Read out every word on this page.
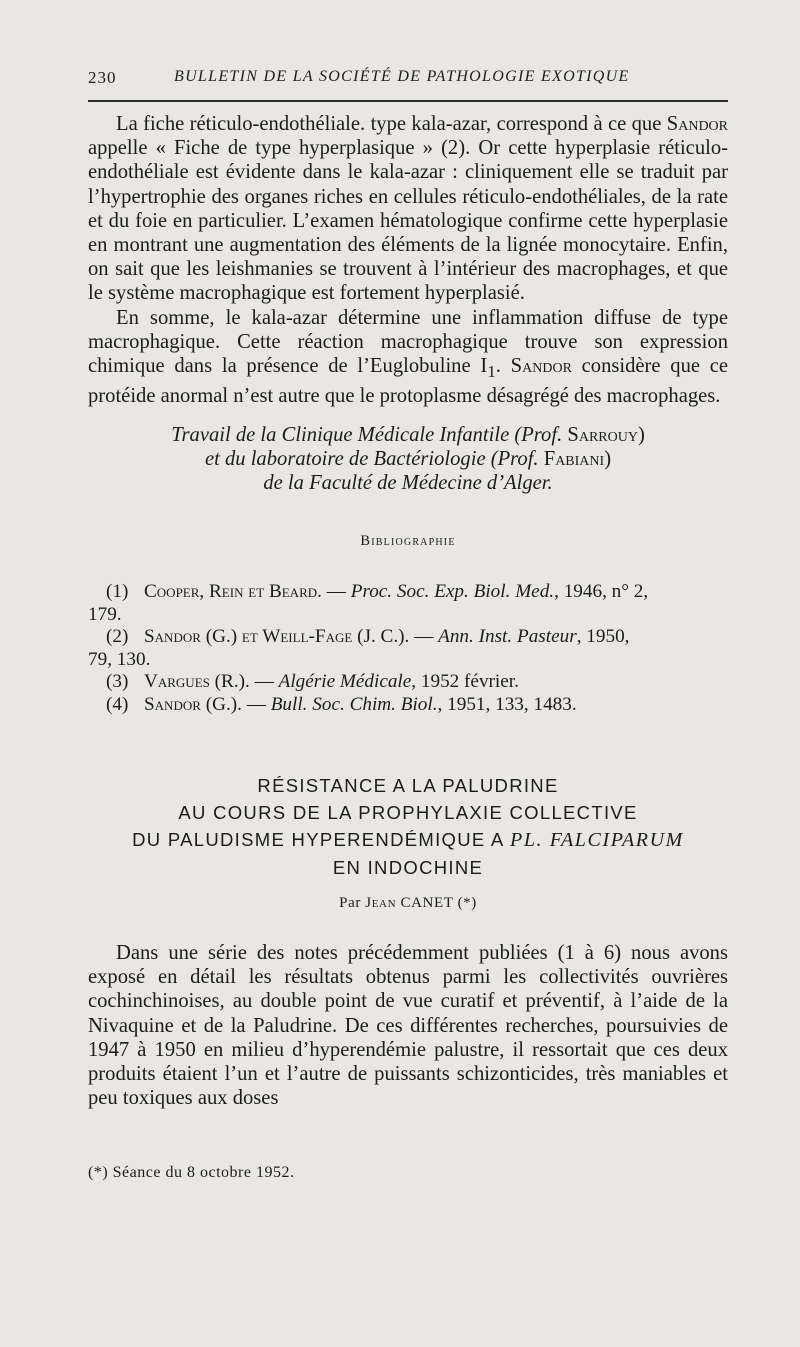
230	BULLETIN DE LA SOCIÉTÉ DE PATHOLOGIE EXOTIQUE

La fiche réticulo-endothéliale. type kala-azar, correspond à ce que Sandor appelle « Fiche de type hyperplasique » (2). Or cette hyperplasie réticulo-endothéliale est évidente dans le kala-azar : cliniquement elle se traduit par l’hypertrophie des organes riches en cellules réticulo-endothéliales, de la rate et du foie en particulier. L’examen hématologique confirme cette hyperplasie en montrant une augmentation des éléments de la lignée monocytaire. Enfin, on sait que les leishmanies se trouvent à l’intérieur des macrophages, et que le système macrophagique est fortement hyperplasié.

En somme, le kala-azar détermine une inflammation diffuse de type macrophagique. Cette réaction macrophagique trouve son expression chimique dans la présence de l’Euglobuline $I_1$. Sandor considère que ce protéide anormal n’est autre que le protoplasme désagrégé des macrophages.

Travail de la Clinique Médicale Infantile (Prof. Sarrouy)
et du laboratoire de Bactériologie (Prof. Fabiani)
de la Faculté de Médecine d’Alger.
Bibliographie
(1) Cooper, Rein et Beard. — Proc. Soc. Exp. Biol. Med., 1946, n° 2,
179.
(2) Sandor (G.) et Weill-Fage (J. C.). — Ann. Inst. Pasteur, 1950,
79, 130.
(3) Vargues (R.). — Algérie Médicale, 1952 février.
(4) Sandor (G.). — Bull. Soc. Chim. Biol., 1951, 133, 1483.
RÉSISTANCE A LA PALUDRINE
AU COURS DE LA PROPHYLAXIE COLLECTIVE
DU PALUDISME HYPERENDÉMIQUE A PL. FALCIPARUM
EN INDOCHINE
Par Jean CANET (*)

Dans une série des notes précédemment publiées (1 à 6) nous avons exposé en détail les résultats obtenus parmi les collectivités ouvrières cochinchinoises, au double point de vue curatif et préventif, à l’aide de la Nivaquine et de la Paludrine. De ces différentes recherches, poursuivies de 1947 à 1950 en milieu d’hyperendémie palustre, il ressortait que ces deux produits étaient l’un et l’autre de puissants schizonticides, très maniables et peu toxiques aux doses

(*) Séance du 8 octobre 1952.
